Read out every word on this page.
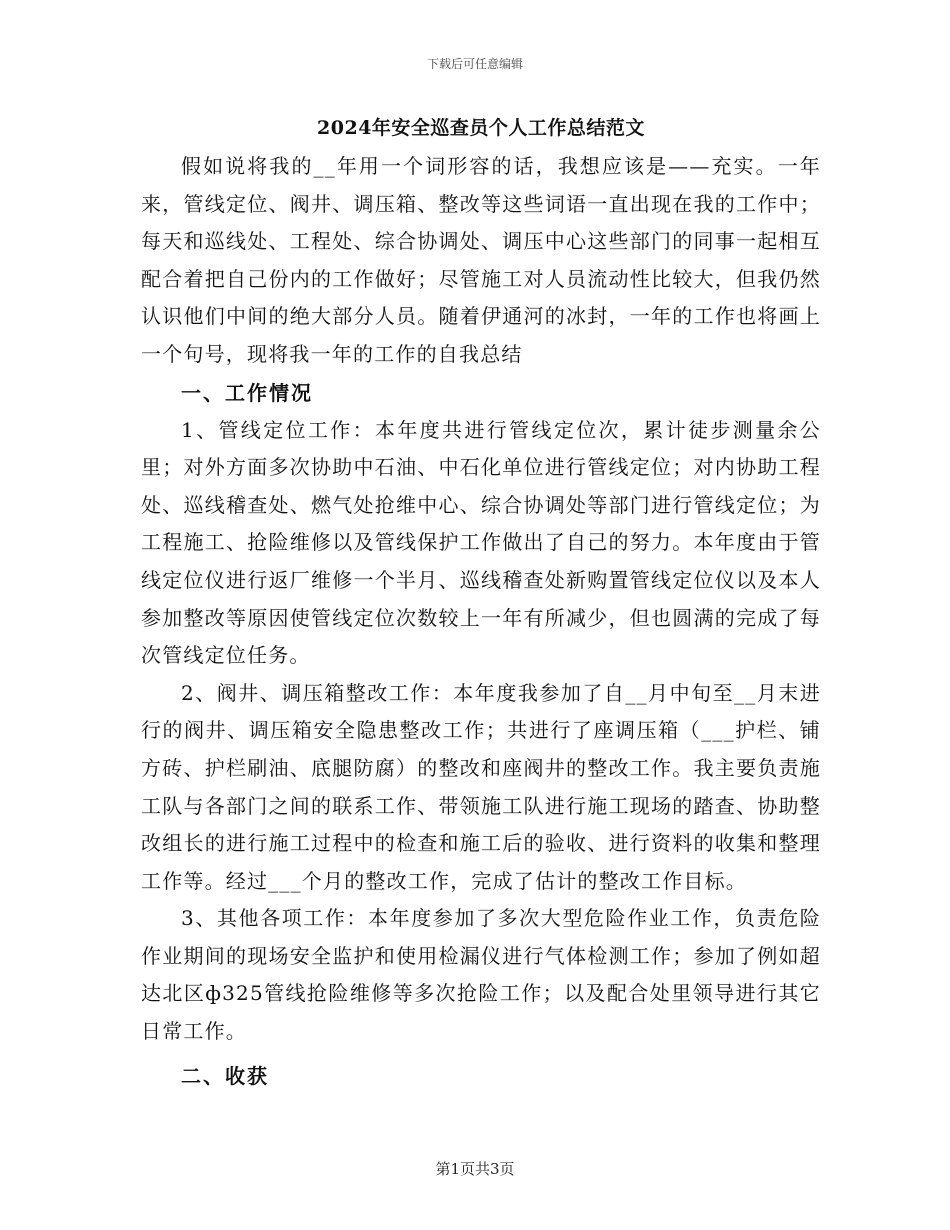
下载后可任意编辑
2024年安全巡查员个人工作总结范文

假如说将我的__年用一个词形容的话，我想应该是——充实。一年来，管线定位、阀井、调压箱、整改等这些词语一直出现在我的工作中；每天和巡线处、工程处、综合协调处、调压中心这些部门的同事一起相互配合着把自己份内的工作做好；尽管施工对人员流动性比较大，但我仍然认识他们中间的绝大部分人员。随着伊通河的冰封，一年的工作也将画上一个句号，现将我一年的工作的自我总结

一、工作情况

1、管线定位工作：本年度共进行管线定位次，累计徒步测量余公里；对外方面多次协助中石油、中石化单位进行管线定位；对内协助工程处、巡线稽查处、燃气处抢维中心、综合协调处等部门进行管线定位；为工程施工、抢险维修以及管线保护工作做出了自己的努力。本年度由于管线定位仪进行返厂维修一个半月、巡线稽查处新购置管线定位仪以及本人参加整改等原因使管线定位次数较上一年有所减少，但也圆满的完成了每次管线定位任务。

2、阀井、调压箱整改工作：本年度我参加了自__月中旬至__月末进行的阀井、调压箱安全隐患整改工作；共进行了座调压箱（___护栏、铺方砖、护栏刷油、底腿防腐）的整改和座阀井的整改工作。我主要负责施工队与各部门之间的联系工作、带领施工队进行施工现场的踏查、协助整改组长的进行施工过程中的检查和施工后的验收、进行资料的收集和整理工作等。经过___个月的整改工作，完成了估计的整改工作目标。

3、其他各项工作：本年度参加了多次大型危险作业工作，负责危险作业期间的现场安全监护和使用检漏仪进行气体检测工作；参加了例如超达北区ф325管线抢险维修等多次抢险工作；以及配合处里领导进行其它日常工作。

二、收获

第1页共3页
